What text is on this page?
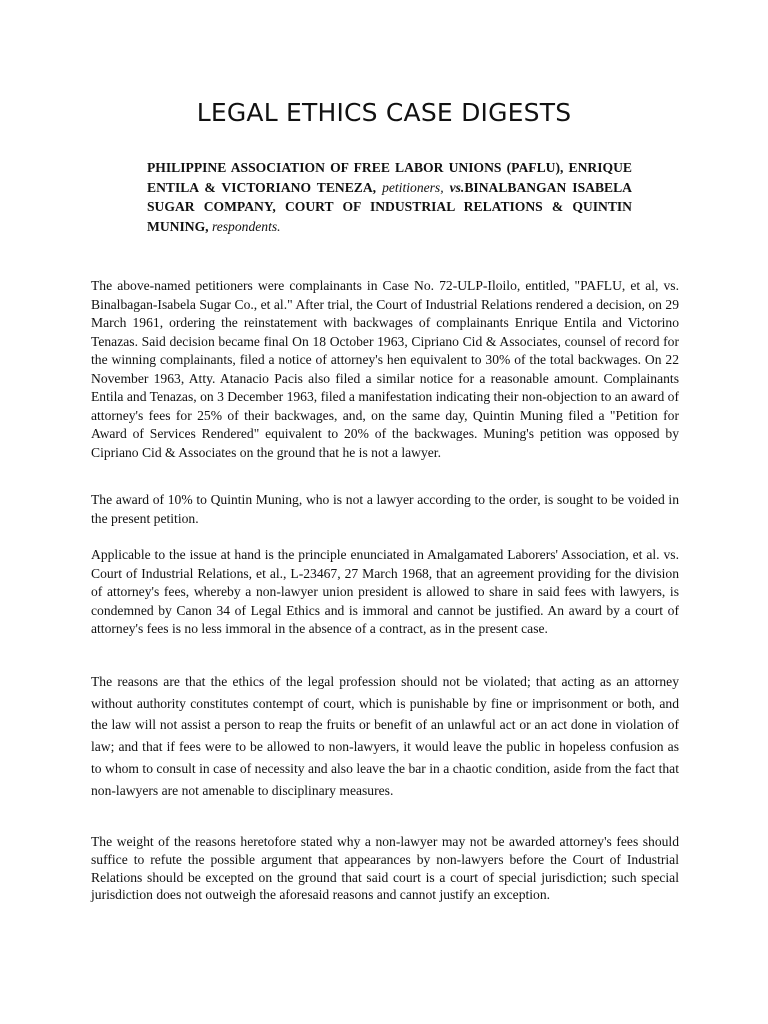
LEGAL ETHICS CASE DIGESTS
PHILIPPINE ASSOCIATION OF FREE LABOR UNIONS (PAFLU), ENRIQUE ENTILA & VICTORIANO TENEZA, petitioners, vs.BINALBANGAN ISABELA SUGAR COMPANY, COURT OF INDUSTRIAL RELATIONS & QUINTIN MUNING, respondents.

The above-named petitioners were complainants in Case No. 72-ULP-Iloilo, entitled, "PAFLU, et al, vs. Binalbagan-Isabela Sugar Co., et al." After trial, the Court of Industrial Relations rendered a decision, on 29 March 1961, ordering the reinstatement with backwages of complainants Enrique Entila and Victorino Tenazas. Said decision became final On 18 October 1963, Cipriano Cid & Associates, counsel of record for the winning complainants, filed a notice of attorney's hen equivalent to 30% of the total backwages. On 22 November 1963, Atty. Atanacio Pacis also filed a similar notice for a reasonable amount. Complainants Entila and Tenazas, on 3 December 1963, filed a manifestation indicating their non-objection to an award of attorney's fees for 25% of their backwages, and, on the same day, Quintin Muning filed a "Petition for Award of Services Rendered" equivalent to 20% of the backwages. Muning's petition was opposed by Cipriano Cid & Associates on the ground that he is not a lawyer.

The award of 10% to Quintin Muning, who is not a lawyer according to the order, is sought to be voided in the present petition.

Applicable to the issue at hand is the principle enunciated in Amalgamated Laborers' Association, et al. vs. Court of Industrial Relations, et al., L-23467, 27 March 1968, that an agreement providing for the division of attorney's fees, whereby a non-lawyer union president is allowed to share in said fees with lawyers, is condemned by Canon 34 of Legal Ethics and is immoral and cannot be justified. An award by a court of attorney's fees is no less immoral in the absence of a contract, as in the present case.

The reasons are that the ethics of the legal profession should not be violated; that acting as an attorney without authority constitutes contempt of court, which is punishable by fine or imprisonment or both, and the law will not assist a person to reap the fruits or benefit of an unlawful act or an act done in violation of law; and that if fees were to be allowed to non-lawyers, it would leave the public in hopeless confusion as to whom to consult in case of necessity and also leave the bar in a chaotic condition, aside from the fact that non-lawyers are not amenable to disciplinary measures.

The weight of the reasons heretofore stated why a non-lawyer may not be awarded attorney's fees should suffice to refute the possible argument that appearances by non-lawyers before the Court of Industrial Relations should be excepted on the ground that said court is a court of special jurisdiction; such special jurisdiction does not outweigh the aforesaid reasons and cannot justify an exception.
